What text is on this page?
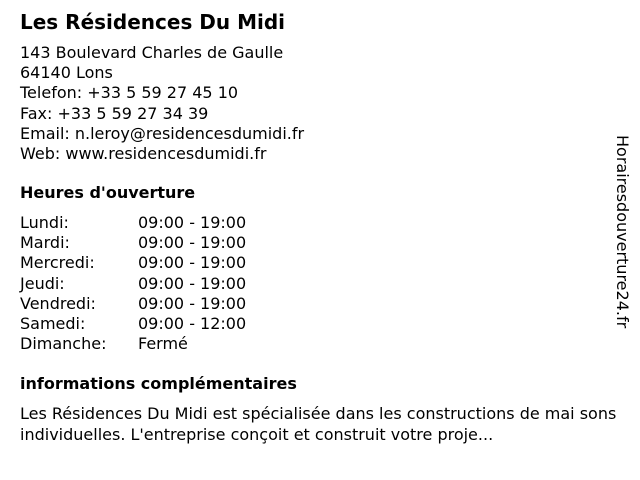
Les Résidences Du Midi
143 Boulevard Charles de Gaulle
64140 Lons
Telefon: +33 5 59 27 45 10
Fax: +33 5 59 27 34 39
Email: n.leroy@residencesdumidi.fr
Web: www.residencesdumidi.fr
Heures d'ouverture
Lundi:	09:00 - 19:00
Mardi:	09:00 - 19:00
Mercredi:	09:00 - 19:00
Jeudi:	09:00 - 19:00
Vendredi:	09:00 - 19:00
Samedi:	09:00 - 12:00
Dimanche:	Fermé
informations complémentaires
Les Résidences Du Midi est spécialisée dans les constructions de mai sons individuelles. L'entreprise conçoit et construit votre proje...
Horairesdouverture24.fr
